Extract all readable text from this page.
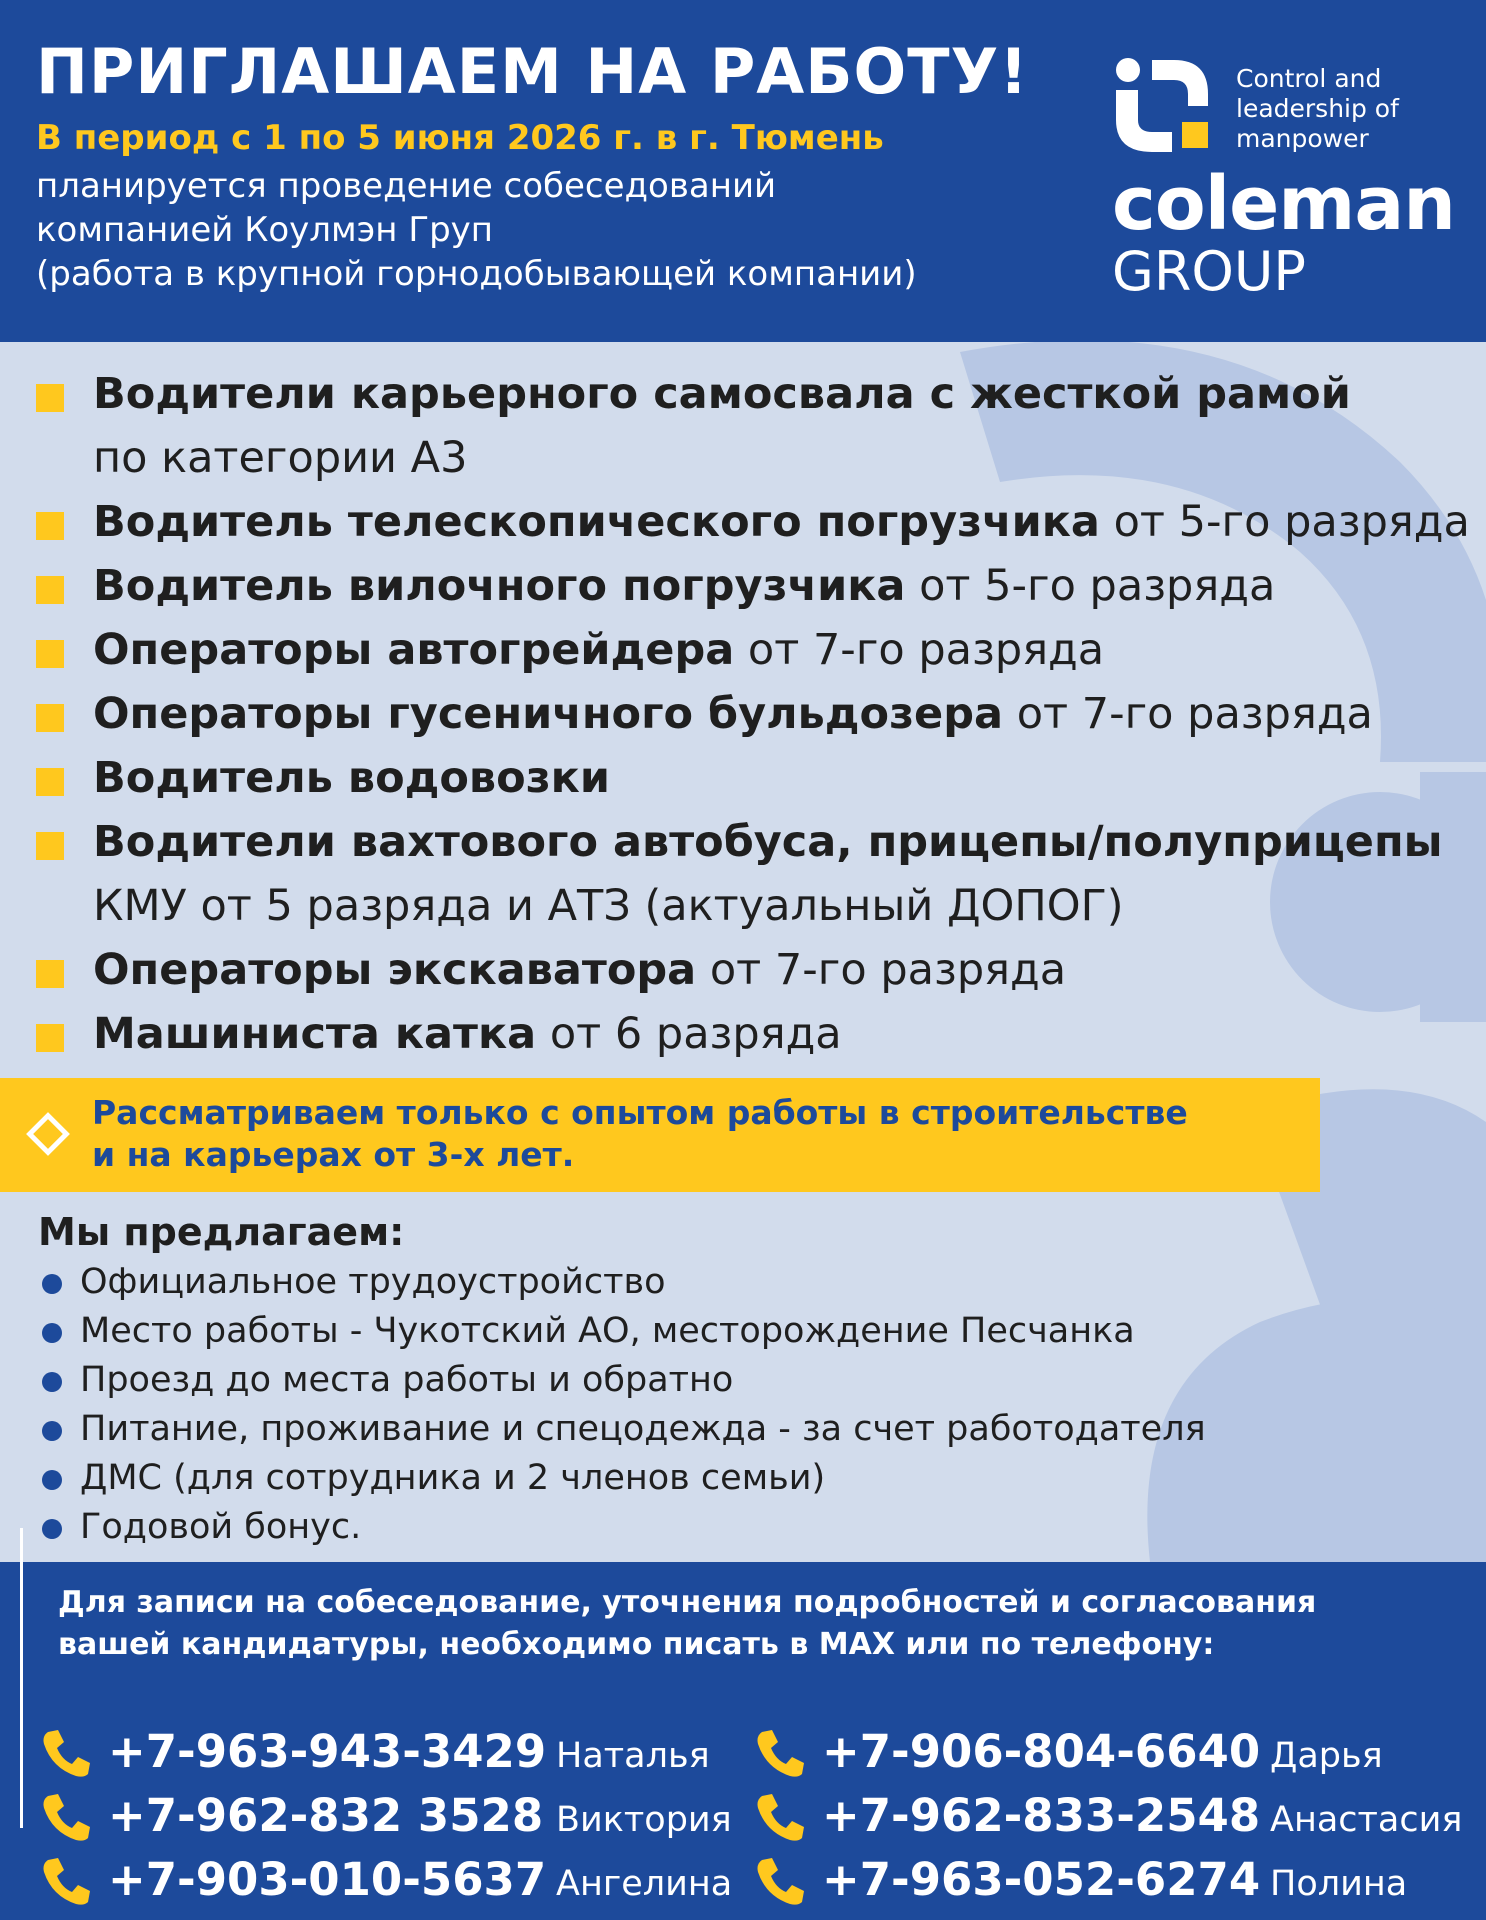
ПРИГЛАШАЕМ НА РАБОТУ!
В период с 1 по 5 июня 2026 г. в г. Тюмень
планируется проведение собеседований
компанией Коулмэн Груп
(работа в крупной горнодобывающей компании)
Control and
leadership of
manpower
coleman
GROUP
Водители карьерного самосвала с жесткой рамой
по категории А3
Водитель телескопического погрузчика от 5-го разряда
Водитель вилочного погрузчика от 5-го разряда
Операторы автогрейдера от 7-го разряда
Операторы гусеничного бульдозера от 7-го разряда
Водитель водовозки
Водители вахтового автобуса, прицепы/полуприцепы
КМУ от 5 разряда и АТЗ (актуальный ДОПОГ)
Операторы экскаватора от 7-го разряда
Машиниста катка от 6 разряда
Рассматриваем только с опытом работы в строительстве
и на карьерах от 3-х лет.
Мы предлагаем:
Официальное трудоустройство
Место работы - Чукотский АО, месторождение Песчанка
Проезд до места работы и обратно
Питание, проживание и спецодежда - за счет работодателя
ДМС (для сотрудника и 2 членов семьи)
Годовой бонус.
Для записи на собеседование, уточнения подробностей и согласования
вашей кандидатуры, необходимо писать в MAX или по телефону:
+7-963-943-3429 Наталья +7-906-804-6640 Дарья
+7-962-832 3528 Виктория +7-962-833-2548 Анастасия
+7-903-010-5637 Ангелина +7-963-052-6274 Полина
